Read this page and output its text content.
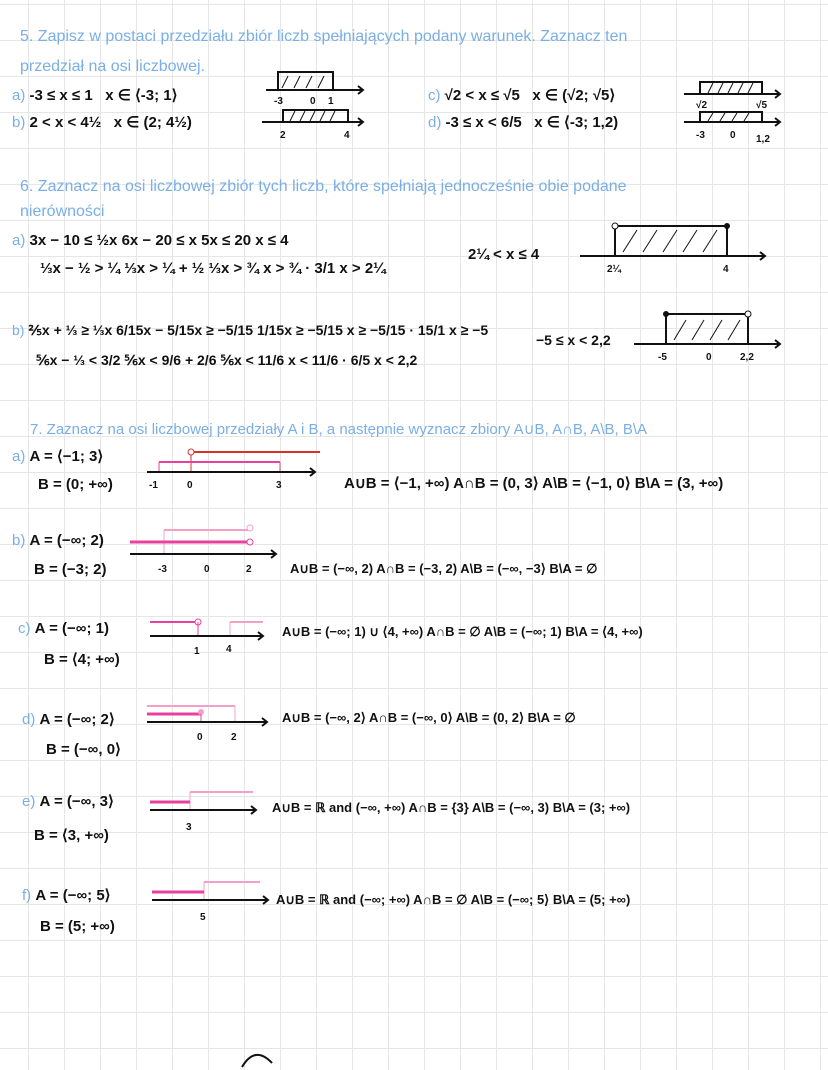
5. Zapisz w postaci przedziału zbiór liczb spełniających podany warunek. Zaznacz ten
przedział na osi liczbowej.
a) -3 ≤ x ≤ 1 x ∈ ⟨-3; 1⟩	-3	0 1
b) 2 < x < 4½ x ∈ (2; 4½)
2	4
c) √2 < x ≤ √5 x ∈ (√2; √5⟩
√2	√5
d) -3 ≤ x < 6/5 x ∈ ⟨-3; 1,2)
-3	0 1,2
6. Zaznacz na osi liczbowej zbiór tych liczb, które spełniają jednocześnie obie podane
nierówności
a) 3x − 10 ≤ ½x 6x − 20 ≤ x 5x ≤ 20 x ≤ 4
⅓x − ½ > ¼ ⅓x > ¼ + ½ ⅓x > ¾ x > ¾ · 3/1 x > 2¼
2¼ < x ≤ 4
2¼	4
b) ⅖x + ⅓ ≥ ⅓x 6/15x − 5/15x ≥ −5/15 1/15x ≥ −5/15 x ≥ −5/15 · 15/1 x ≥ −5
⅚x − ⅓ < 3/2 ⅚x < 9/6 + 2/6 ⅚x < 11/6 x < 11/6 · 6/5 x < 2,2
−5 ≤ x < 2,2
-5	0	2,2
7. Zaznacz na osi liczbowej przedziały A i B, a następnie wyznacz zbiory A∪B, A∩B, A\B, B\A
a) A = ⟨−1; 3⟩
B = (0; +∞)	-1	0	3	A∪B = ⟨−1, +∞) A∩B = (0, 3⟩ A\B = ⟨−1, 0⟩ B\A = (3, +∞)
b) A = (−∞; 2)
B = (−3; 2)	-3	0	2	A∪B = (−∞, 2) A∩B = (−3, 2) A\B = (−∞, −3⟩ B\A = ∅
c) A = (−∞; 1)
B = ⟨4; +∞)	1	4
A∪B = (−∞; 1) ∪ ⟨4, +∞) A∩B = ∅ A\B = (−∞; 1) B\A = ⟨4, +∞)
d) A = (−∞; 2⟩
B = (−∞, 0⟩
0	2
A∪B = (−∞, 2⟩ A∩B = (−∞, 0⟩ A\B = (0, 2⟩ B\A = ∅
e) A = (−∞, 3⟩
B = ⟨3, +∞)	3
A∪B = ℝ and (−∞, +∞) A∩B = {3} A\B = (−∞, 3) B\A = (3; +∞)
f) A = (−∞; 5⟩
B = (5; +∞)
5
A∪B = ℝ and (−∞; +∞) A∩B = ∅ A\B = (−∞; 5⟩ B\A = (5; +∞)
